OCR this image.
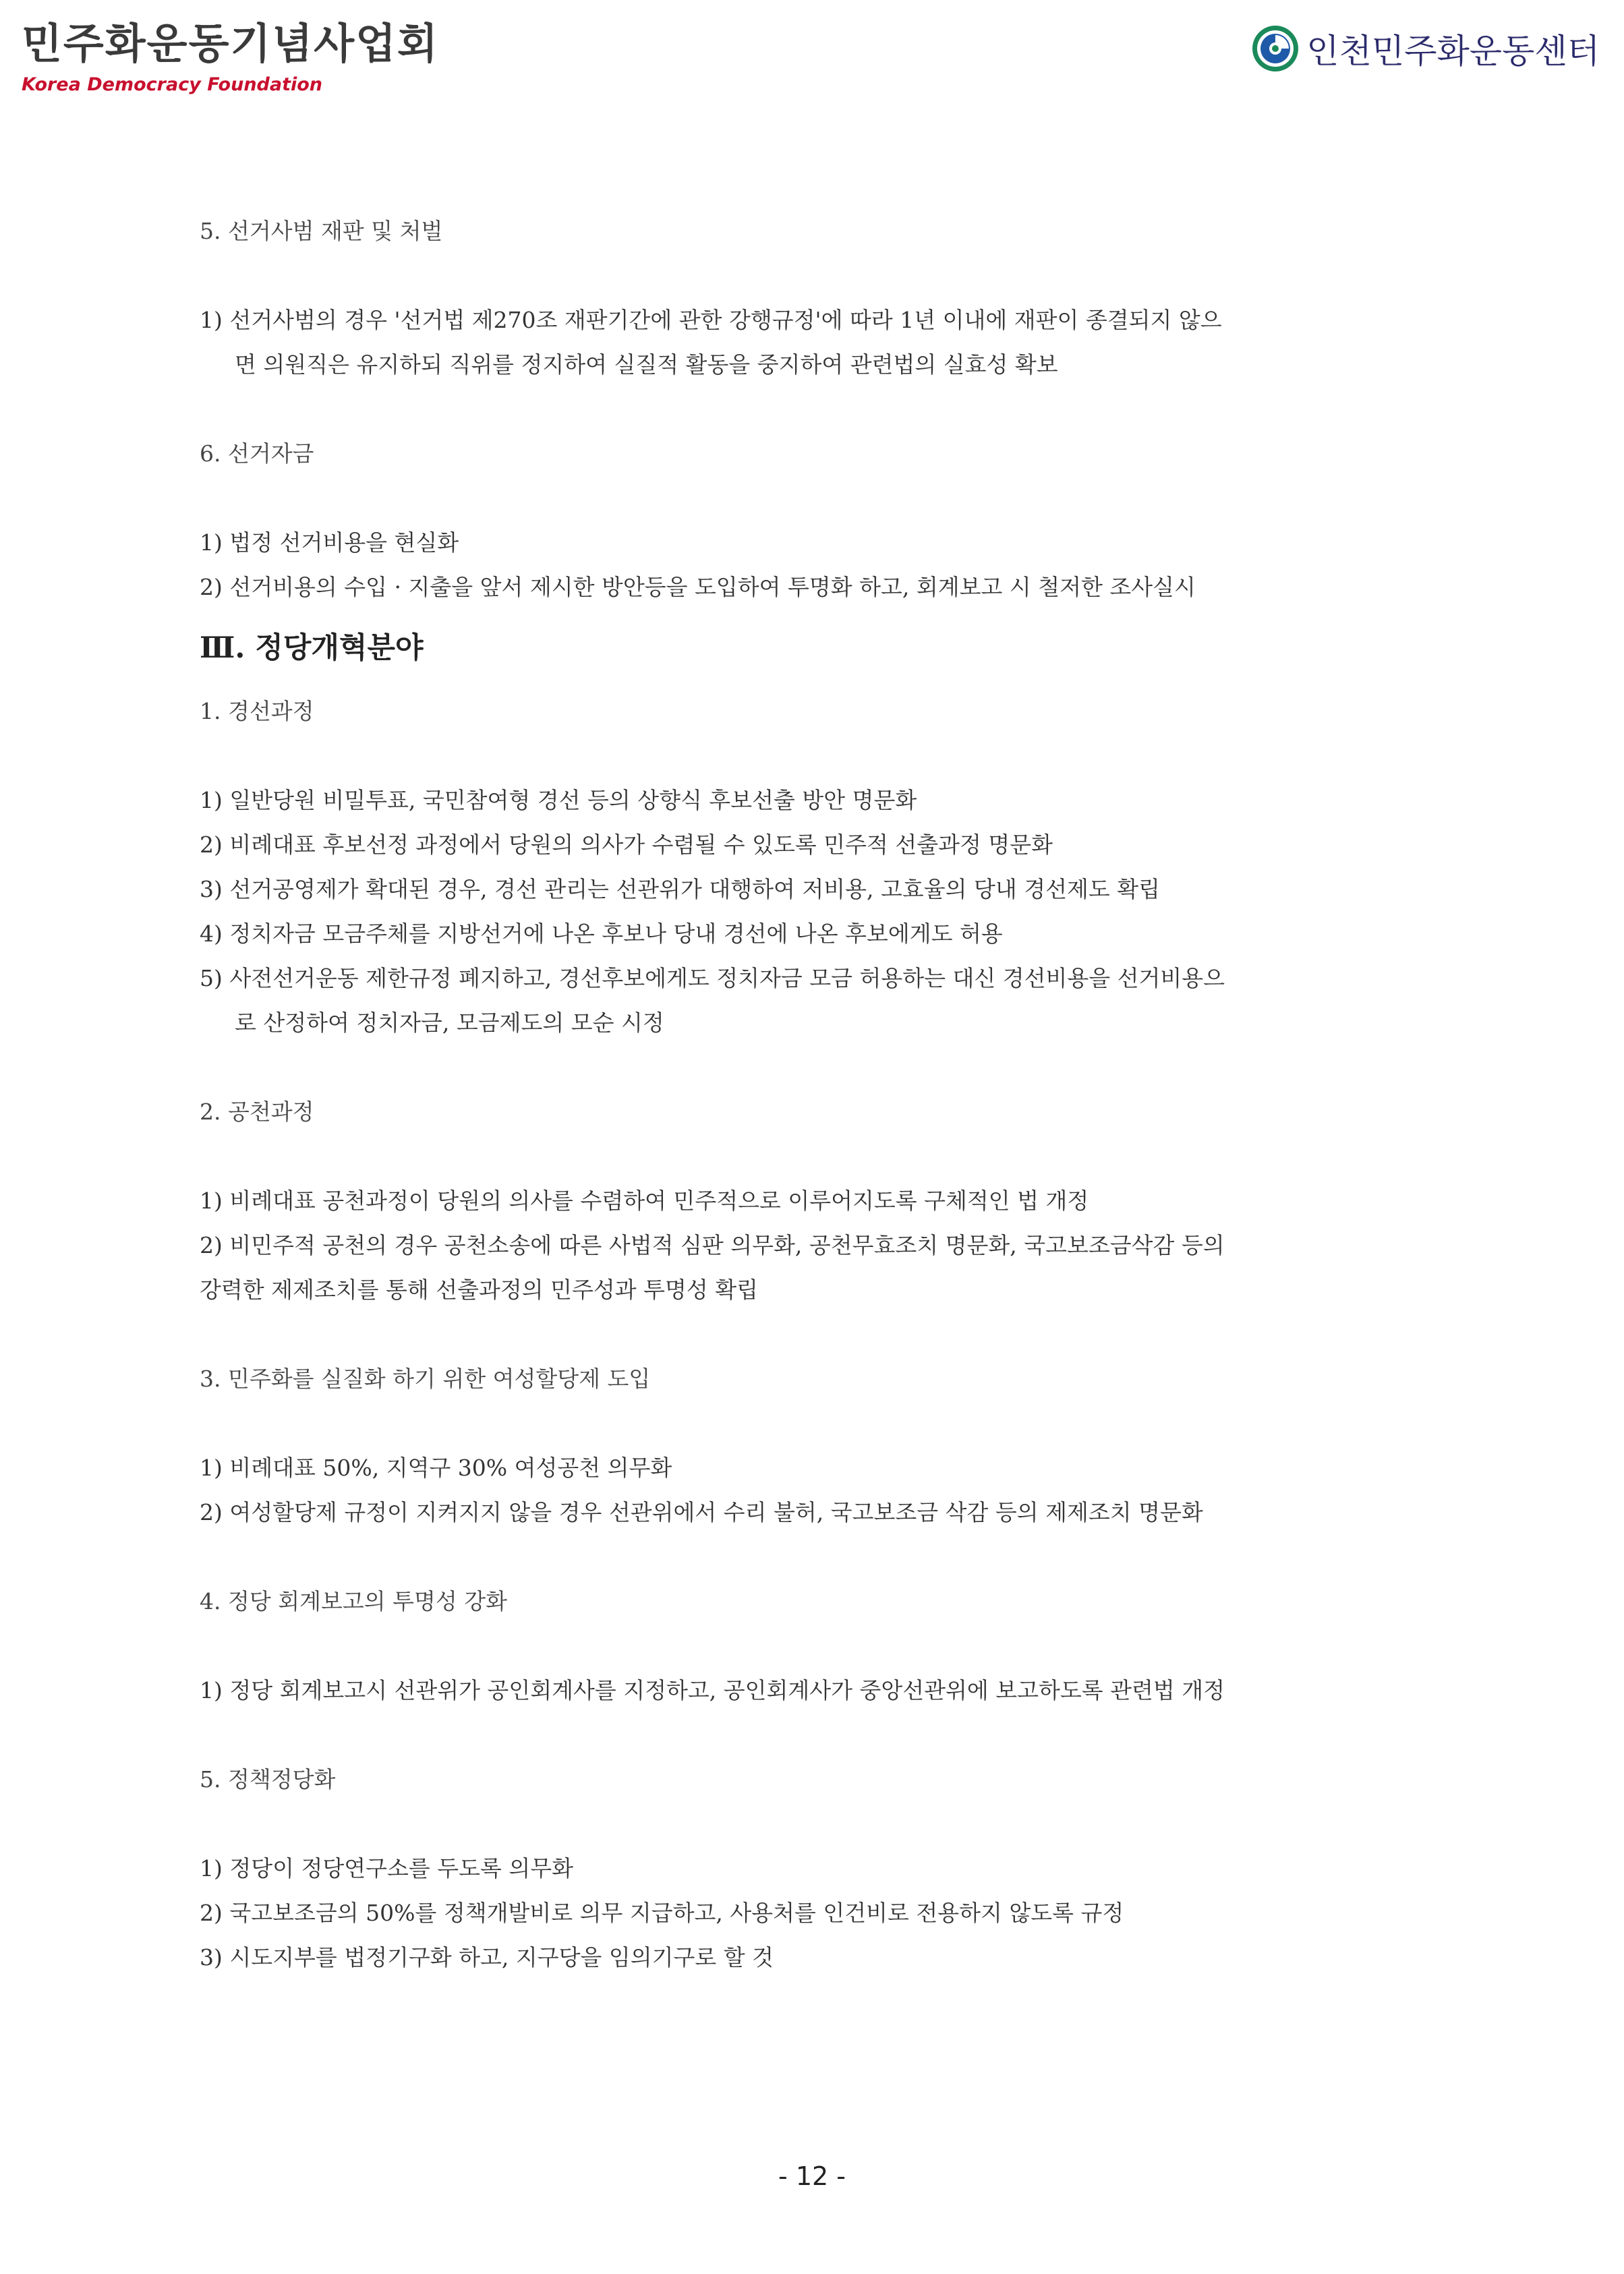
민주화운동기념사업회
Korea Democracy Foundation
인천민주화운동센터
5. 선거사범 재판 및 처벌
1) 선거사범의 경우 '선거법 제270조 재판기간에 관한 강행규정'에 따라 1년 이내에 재판이 종결되지 않으
면 의원직은 유지하되 직위를 정지하여 실질적 활동을 중지하여 관련법의 실효성 확보
6. 선거자금
1) 법정 선거비용을 현실화
2) 선거비용의 수입 · 지출을 앞서 제시한 방안등을 도입하여 투명화 하고, 회계보고 시 철저한 조사실시
Ⅲ. 정당개혁분야
1. 경선과정
1) 일반당원 비밀투표, 국민참여형 경선 등의 상향식 후보선출 방안 명문화
2) 비례대표 후보선정 과정에서 당원의 의사가 수렴될 수 있도록 민주적 선출과정 명문화
3) 선거공영제가 확대된 경우, 경선 관리는 선관위가 대행하여 저비용, 고효율의 당내 경선제도 확립
4) 정치자금 모금주체를 지방선거에 나온 후보나 당내 경선에 나온 후보에게도 허용
5) 사전선거운동 제한규정 폐지하고, 경선후보에게도 정치자금 모금 허용하는 대신 경선비용을 선거비용으
로 산정하여 정치자금, 모금제도의 모순 시정
2. 공천과정
1) 비례대표 공천과정이 당원의 의사를 수렴하여 민주적으로 이루어지도록 구체적인 법 개정
2) 비민주적 공천의 경우 공천소송에 따른 사법적 심판 의무화, 공천무효조치 명문화, 국고보조금삭감 등의
강력한 제제조치를 통해 선출과정의 민주성과 투명성 확립
3. 민주화를 실질화 하기 위한 여성할당제 도입
1) 비례대표 50%, 지역구 30% 여성공천 의무화
2) 여성할당제 규정이 지켜지지 않을 경우 선관위에서 수리 불허, 국고보조금 삭감 등의 제제조치 명문화
4. 정당 회계보고의 투명성 강화
1) 정당 회계보고시 선관위가 공인회계사를 지정하고, 공인회계사가 중앙선관위에 보고하도록 관련법 개정
5. 정책정당화
1) 정당이 정당연구소를 두도록 의무화
2) 국고보조금의 50%를 정책개발비로 의무 지급하고, 사용처를 인건비로 전용하지 않도록 규정
3) 시도지부를 법정기구화 하고, 지구당을 임의기구로 할 것
- 12 -
